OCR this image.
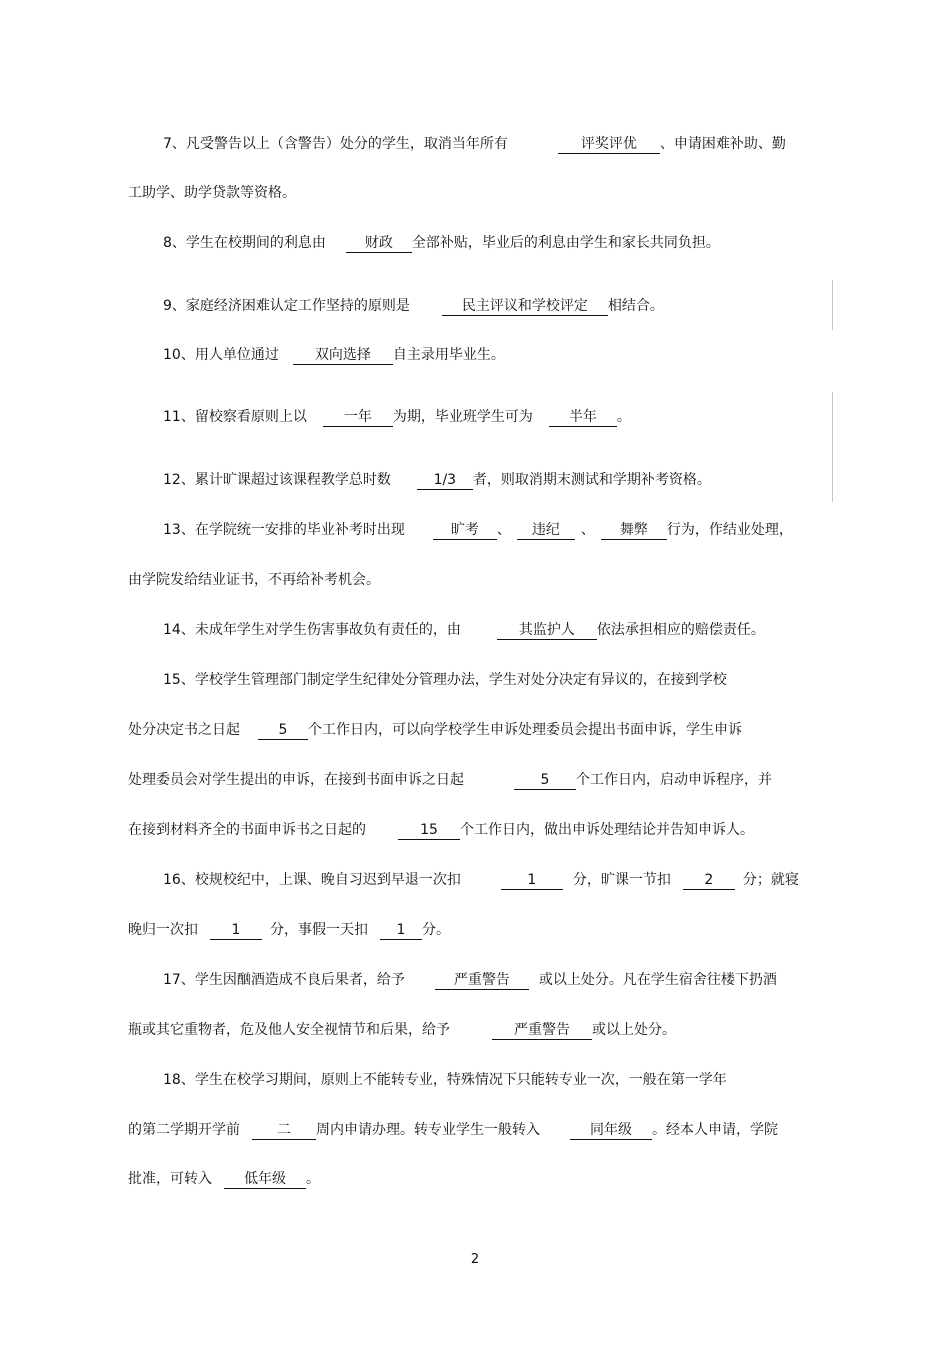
7、凡受警告以上（含警告）处分的学生，取消当年所有	评奖评优 、申请困难补助、勤
工助学、助学贷款等资格。
8、学生在校期间的利息由	财政 全部补贴，毕业后的利息由学生和家长共同负担。
9、家庭经济困难认定工作坚持的原则是	民主评议和学校评定 相结合。
10、用人单位通过	双向选择 自主录用毕业生。
11、留校察看原则上以	一年 为期，毕业班学生可为	半年 。
12、累计旷课超过该课程教学总时数	1/3 者，则取消期末测试和学期补考资格。
13、在学院统一安排的毕业补考时出现	旷考 、 违纪 、 舞弊 行为，作结业处理，
由学院发给结业证书，不再给补考机会。
14、未成年学生对学生伤害事故负有责任的，由	其监护人 依法承担相应的赔偿责任。
15、学校学生管理部门制定学生纪律处分管理办法，学生对处分决定有异议的，在接到学校
处分决定书之日起	5 个工作日内，可以向学校学生申诉处理委员会提出书面申诉，学生申诉
处理委员会对学生提出的申诉，在接到书面申诉之日起	5 个工作日内，启动申诉程序，并
在接到材料齐全的书面申诉书之日起的	15 个工作日内，做出申诉处理结论并告知申诉人。
16、校规校纪中，上课、晚自习迟到早退一次扣	1	分，旷课一节扣 2 分；就寝
晚归一次扣 1 分，事假一天扣 1 分。
17、学生因酗酒造成不良后果者，给予	严重警告 或以上处分。凡在学生宿舍往楼下扔酒
瓶或其它重物者，危及他人安全视情节和后果，给予	严重警告 或以上处分。
18、学生在校学习期间，原则上不能转专业，特殊情况下只能转专业一次，一般在第一学年
的第二学期开学前	二 周内申请办理。转专业学生一般转入	同年级 。经本人申请，学院
批准，可转入 低年级 。
2
